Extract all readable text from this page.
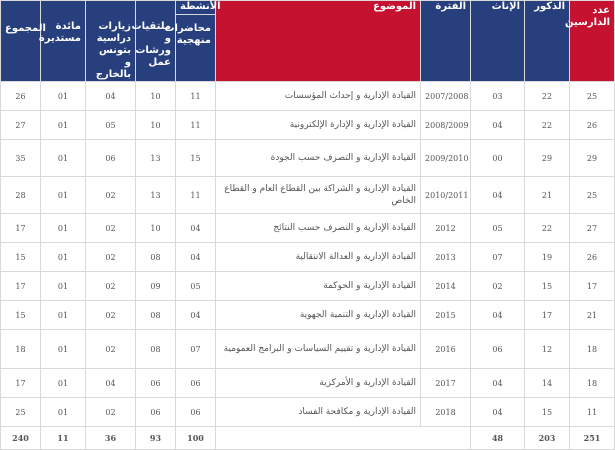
المجموع	مائدة مستديرة	زيارات دراسية بتونس و بالخارج	ملتقيات و ورشات عمل	الأنشطة	الموضوع	الفترة	الإناث	الذكور	عدد الدارسين	
				محاضرات منهجية						
26	01	04	10	11	القيادة الإدارية و إحداث المؤسسات	2007/2008	03	22	25	
27	01	05	10	11	القيادة الإدارية و الإدارة الإلكترونية	2008/2009	04	22	26	
35	01	06	13	15	القيادة الإدارية و التصرف حسب الجودة	2009/2010	00	29	29	
28	01	02	13	11	القيادة الإدارية و الشراكة بين القطاع العام و القطاع الخاص	2010/2011	04	21	25	
17	01	02	10	04	القيادة الإدارية و التصرف حسب النتائج	2012	05	22	27	
15	01	02	08	04	القيادة الإدارية و العدالة الانتقالية	2013	07	19	26	
17	01	02	09	05	القيادة الإدارية و الحوكمة	2014	02	15	17	
15	01	02	08	04	القيادة الإدارية و التنمية الجهوية	2015	04	17	21	
18	01	02	08	07	القيادة الإدارية و تقييم السياسات و البرامج العمومية	2016	06	12	18	
17	01	04	06	06	القيادة الإدارية و الأمركزية	2017	04	14	18	
25	01	02	06	06	القيادة الإدارية و مكافحة الفساد	2018	04	15	11	
240	11	36	93	100			48	203	251	
